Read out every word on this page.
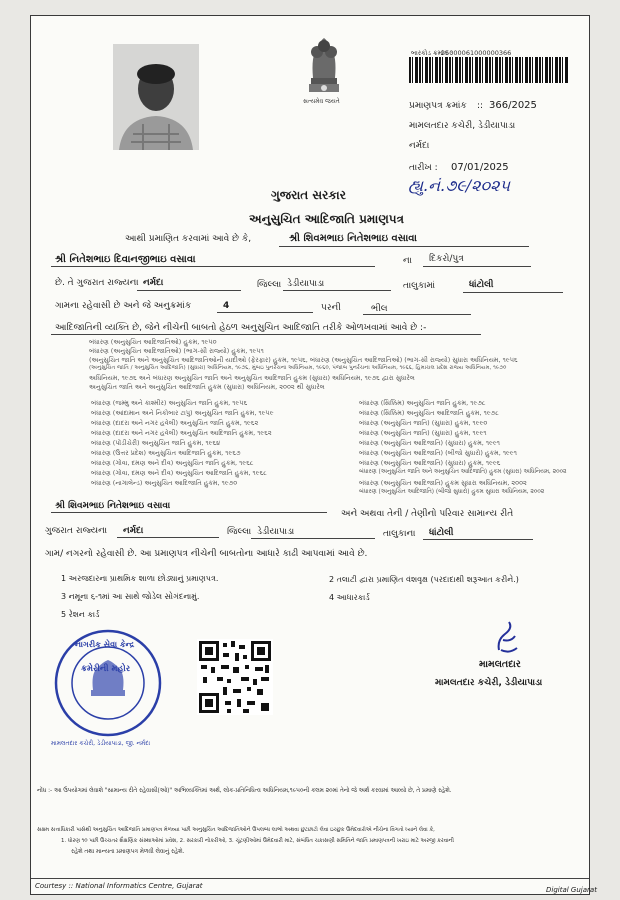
સત્યમેવ જયતે
બારકોડ ક્રમાંક :
25000061000000366
પ્રમાણપત્ર ક્રમાંક :: 366/2025
મામલતદાર કચેરી, ડેડીયાપાડા
નર્મદા
તારીખ : 07/01/2025
હ્યુ.નં.૭૯/૨૦૨૫
ગુજરાત સરકાર
અનુસુચિત આદિજાતિ પ્રમાણપત્ર
આથી પ્રમાણિત કરવામાં આવે છે કે,	શ્રી શિવમભાઇ નિતેશભાઇ વસાવા
શ્રી નિતેશભાઇ દિવાનજીભાઇ વસાવા	ના દિકરો/પુત્ર
છે. તે ગુજરાત રાજ્યના નર્મદા	જિલ્લા ડેડીયાપાડા	તાલુકામાં	ધાંટોલી
ગામના રહેવાસી છે અને જે અનુક્રમાંક	4	પરની	ભીલ
આદિજાતિની વ્યક્તિ છે, જેને નીચેની બાબતો હેઠળ અનુસુચિત આદિજાતિ તરીકે ઓળખવામાં આવે છે :-
બંધારણ (અનુસુચિત આદિજાતિઓ) હુકમ, ૧૯૫૦
બંધારણ (અનુસુચિત આદિજાતિઓ) (ભાગ-સી રાજ્યો) હુકમ, ૧૯૫૧
(અનુસુચિત જાતિ અને અનુસુચિત આદિજાતિઓની યાદીઓ (ફેરફાર) હુકમ, ૧૯૫૬, બંધારણ (અનુસુચિત આદિજાતિઓ) (ભાગ-સી રાજ્યો) સુધારા અધિનિયમ, ૧૯૫૬
(અનુસુચિત જાતિ / અનુસુચિત આદિજાતિ) (સુધારા) અધિનિયમ, ૧૯૭૬, મુંબઇ પુનર્રચના અધિનિયમ, ૧૯૬૦, પંજાબ પુનર્રચના અધિનિયમ, ૧૯૬૬, હિમાચલ પ્રદેશ રાજ્ય અધિનિયમ, ૧૯૭૦
અધિનિયમ, ૧૯૭૬ અને બંધારણ અનુસુચિત જાતિ અને અનુસુચિત આદિજાતિ હુકમ (સુધારા) અધિનિયમ, ૧૯૭૬ દ્વારા સુધારેલ
અનુસુચિત જાતિ અને અનુસુચિત આદિજાતિ હુકમ (સુધારા) અધિનિયમ, ૨૦૦૨ થી સુધારેલ
બંધારણ (જમ્મુ અને કાશ્મીર) અનુસુચિત જાતિ હુકમ, ૧૯૫૬
બંધારણ (આંદામાન અને નિકોબાર ટાપુ) અનુસુચિત જાતિ હુકમ, ૧૯૫૯
બંધારણ (દાદરા અને નગર હવેલી) અનુસુચિત જાતિ હુકમ, ૧૯૬૨
બંધારણ (દાદરા અને નગર હવેલી) અનુસુચિત આદિજાતિ હુકમ, ૧૯૬૨
બંધારણ (પોંડીચેરી) અનુસુચિત જાતિ હુકમ, ૧૯૬૪
બંધારણ (ઉત્તર પ્રદેશ) અનુસુચિત આદિજાતિ હુકમ, ૧૯૬૭
બંધારણ (ગોવા, દમણ અને દીવ) અનુસુચિત જાતિ હુકમ, ૧૯૬૮
બંધારણ (ગોવા, દમણ અને દીવ) અનુસુચિત આદિજાતિ હુકમ, ૧૯૬૮
બંધારણ (નાગાલેન્ડ) અનુસુચિત આદિજાતિ હુકમ, ૧૯૭૦
બંધારણ (સિક્કિમ) અનુસુચિત જાતિ હુકમ, ૧૯૭૮
બંધારણ (સિક્કિમ) અનુસુચિત આદિજાતિ હુકમ, ૧૯૭૮
બંધારણ (અનુસુચિત જાતિ) (સુધારા) હુકમ, ૧૯૯૦
બંધારણ (અનુસુચિત જાતિ) (સુધારા) હુકમ, ૧૯૯૧
બંધારણ (અનુસુચિત આદિજાતિ) (સુધારા) હુકમ, ૧૯૯૧
બંધારણ (અનુસુચિત આદિજાતિ) (બીજો સુધારો) હુકમ, ૧૯૯૧
બંધારણ (અનુસુચિત આદિજાતિ) (સુધારા) હુકમ, ૧૯૯૬
બંધારણ (અનુસુચિત જાતિ અને અનુસુચિત આદિજાતિ) હુકમ (સુધારા) અધિનિયમ, ૨૦૦૨
બંધારણ (અનુસુચિત આદિજાતિ) હુકમ સુધારા અધિનિયમ, ૨૦૦૨
બંધારણ (અનુસુચિત આદિજાતિ) (બીજો સુધારો) હુકમ સુધારા અધિનિયમ, ૨૦૦૨
શ્રી શિવમભાઇ નિતેશભાઇ વસાવા
અને અથવા તેની / તેણીનો પરિવાર સામાન્ય રીતે
ગુજરાત રાજ્યના નર્મદા	જિલ્લા ડેડીયાપાડા	તાલુકાના ધાંટોલી
ગામ/ નગરનો રહેવાસી છે. આ પ્રમાણપત્ર નીચેની બાબતોના આધારે કાઢી આપવામાં આવે છે.
1 અરજદારના પ્રાથમિક શાળા છોડ્યાનું પ્રમાણપત્ર.	2 તલાટી દ્વારા પ્રમાણિત વંશવૃક્ષ (પરદાદાથી શરૂઆત કરીને.)
3 નમૂના ૬-૧માં આ સાથે જોડેલ સોગંદનામું.	4 આધારકાર્ડ
5 રેશન કાર્ડ
નાગરીક સેવા કેન્દ્ર
ક્રમેરીની મહોર
મામલતદાર કચેરી, ડેડીયાપાડા, જી. નર્મદા
મામલતદાર
મામલતદાર કચેરી, ડેડીયાપાડા
નોંધ :- આ ઉપયોગમાં લેવાશે "સામાન્ય રીતે રહેવાસી(ઓ)" અભિવ્યક્તિમાં અર્થ, લોક-પ્રતિનિધિત્વ અધિનિયમ,૧૯૫૦ની કલમ ૨૦માં તેનો જે અર્થ કરવામાં આવ્યો છે, તે પ્રમાણે રહેશે.
સક્ષમ સત્તાધિકારી પાસેથી અનુસુચિત આદિજાતિ પ્રમાણપત્ર મેળવ્યા પછી અનુસુચિત આદિજાતિઓને ઉપલબ્ધ લાભો અથવા છુટછાટો લેવા ઇચ્છુક ઉમેદવારોએ નીચેના વિગતો ધ્યાને લેવા કે,
1. ધોરણ ૧૦ પછી ઉચ્ચતર શૈક્ષણિક સંસ્થાઓમાં પ્રવેશ, 2. સરકારી નોકરીઓ, 3. ચૂંટણીઓમાં ઉમેદવારી માટે, સંબંધિત ચકાસણી સમિતિને જાતિ પ્રમાણપત્રની ખરાઇ માટે અરજી કરવાની
રહેશે તથા માન્યતા પ્રમાણપત્ર મેળવી લેવાનું રહેશે.
Courtesy :: National Informatics Centre, Gujarat	Digital Gujarat
